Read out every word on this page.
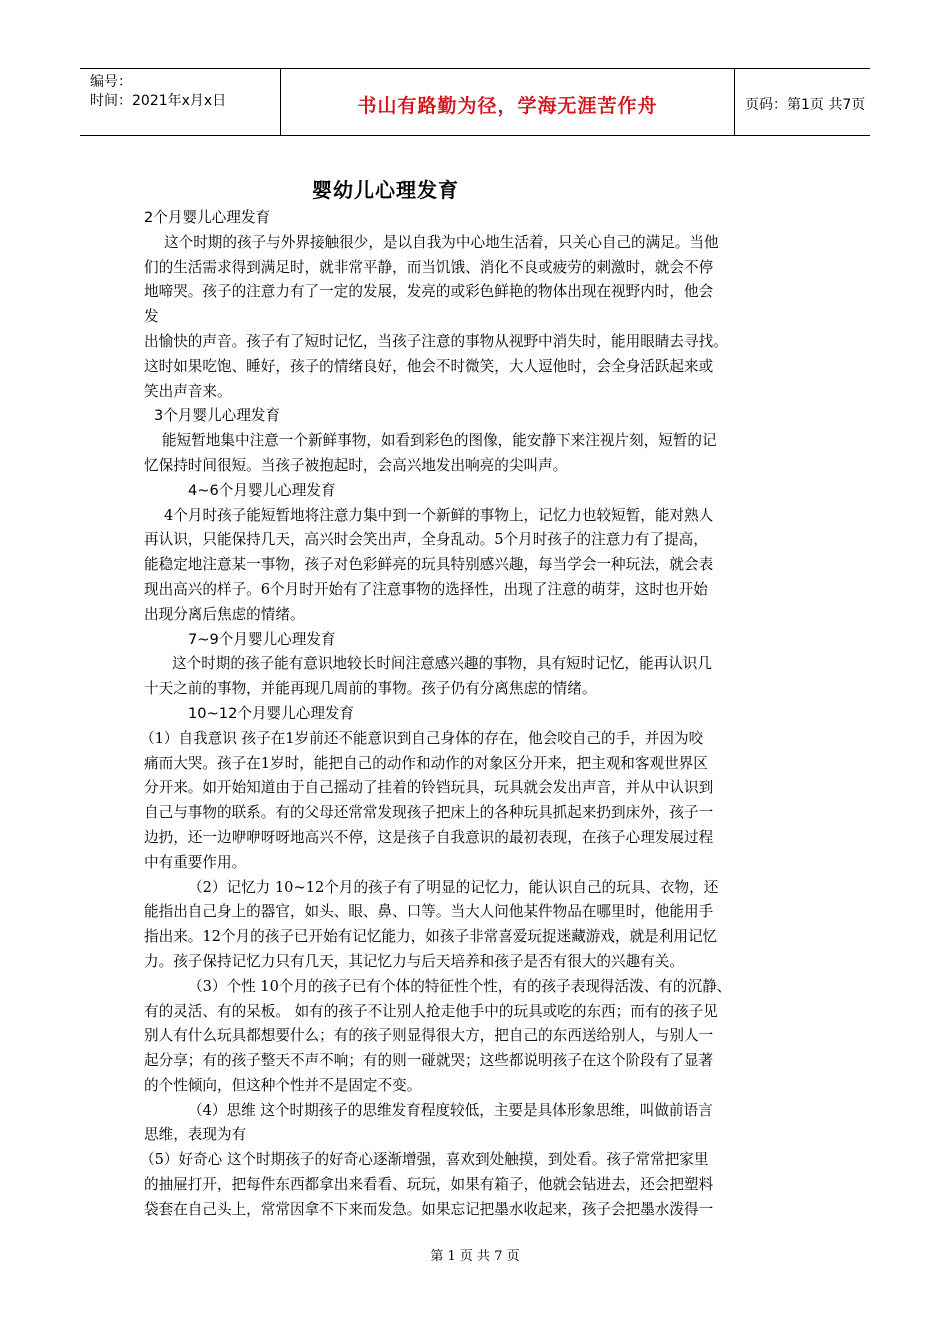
编号：
时间：2021年x月x日	书山有路勤为径，学海无涯苦作舟	页码：第1页 共7页
婴幼儿心理发育
2个月婴儿心理发育
这个时期的孩子与外界接触很少，是以自我为中心地生活着，只关心自己的满足。当他
们的生活需求得到满足时，就非常平静，而当饥饿、消化不良或疲劳的刺激时，就会不停
地啼哭。孩子的注意力有了一定的发展，发亮的或彩色鲜艳的物体出现在视野内时，他会
发
出愉快的声音。孩子有了短时记忆，当孩子注意的事物从视野中消失时，能用眼睛去寻找。
这时如果吃饱、睡好，孩子的情绪良好，他会不时微笑，大人逗他时，会全身活跃起来或
笑出声音来。
3个月婴儿心理发育
能短暂地集中注意一个新鲜事物，如看到彩色的图像，能安静下来注视片刻，短暂的记
忆保持时间很短。当孩子被抱起时，会高兴地发出响亮的尖叫声。
4~6个月婴儿心理发育
4个月时孩子能短暂地将注意力集中到一个新鲜的事物上，记忆力也较短暂，能对熟人
再认识，只能保持几天，高兴时会笑出声，全身乱动。5个月时孩子的注意力有了提高，
能稳定地注意某一事物，孩子对色彩鲜亮的玩具特别感兴趣，每当学会一种玩法，就会表
现出高兴的样子。6个月时开始有了注意事物的选择性，出现了注意的萌芽，这时也开始
出现分离后焦虑的情绪。
7~9个月婴儿心理发育
这个时期的孩子能有意识地较长时间注意感兴趣的事物，具有短时记忆，能再认识几
十天之前的事物，并能再现几周前的事物。孩子仍有分离焦虑的情绪。
10~12个月婴儿心理发育
（1）自我意识 孩子在1岁前还不能意识到自己身体的存在，他会咬自己的手，并因为咬
痛而大哭。孩子在1岁时，能把自己的动作和动作的对象区分开来，把主观和客观世界区
分开来。如开始知道由于自己摇动了挂着的铃铛玩具，玩具就会发出声音，并从中认识到
自己与事物的联系。有的父母还常常发现孩子把床上的各种玩具抓起来扔到床外，孩子一
边扔，还一边咿咿呀呀地高兴不停，这是孩子自我意识的最初表现，在孩子心理发展过程
中有重要作用。
（2）记忆力 10~12个月的孩子有了明显的记忆力，能认识自己的玩具、衣物，还
能指出自己身上的器官，如头、眼、鼻、口等。当大人问他某件物品在哪里时，他能用手
指出来。12个月的孩子已开始有记忆能力，如孩子非常喜爱玩捉迷藏游戏，就是利用记忆
力。孩子保持记忆力只有几天，其记忆力与后天培养和孩子是否有很大的兴趣有关。
（3）个性 10个月的孩子已有个体的特征性个性，有的孩子表现得活泼、有的沉静、
有的灵活、有的呆板。 如有的孩子不让别人抢走他手中的玩具或吃的东西；而有的孩子见
别人有什么玩具都想要什么；有的孩子则显得很大方，把自己的东西送给别人，与别人一
起分享；有的孩子整天不声不响；有的则一碰就哭；这些都说明孩子在这个阶段有了显著
的个性倾向，但这种个性并不是固定不变。
（4）思维 这个时期孩子的思维发育程度较低，主要是具体形象思维，叫做前语言
思维，表现为有
（5）好奇心 这个时期孩子的好奇心逐渐增强，喜欢到处触摸，到处看。孩子常常把家里
的抽屉打开，把每件东西都拿出来看看、玩玩，如果有箱子，他就会钻进去，还会把塑料
袋套在自己头上，常常因拿不下来而发急。如果忘记把墨水收起来，孩子会把墨水泼得一
第 1 页 共 7 页
